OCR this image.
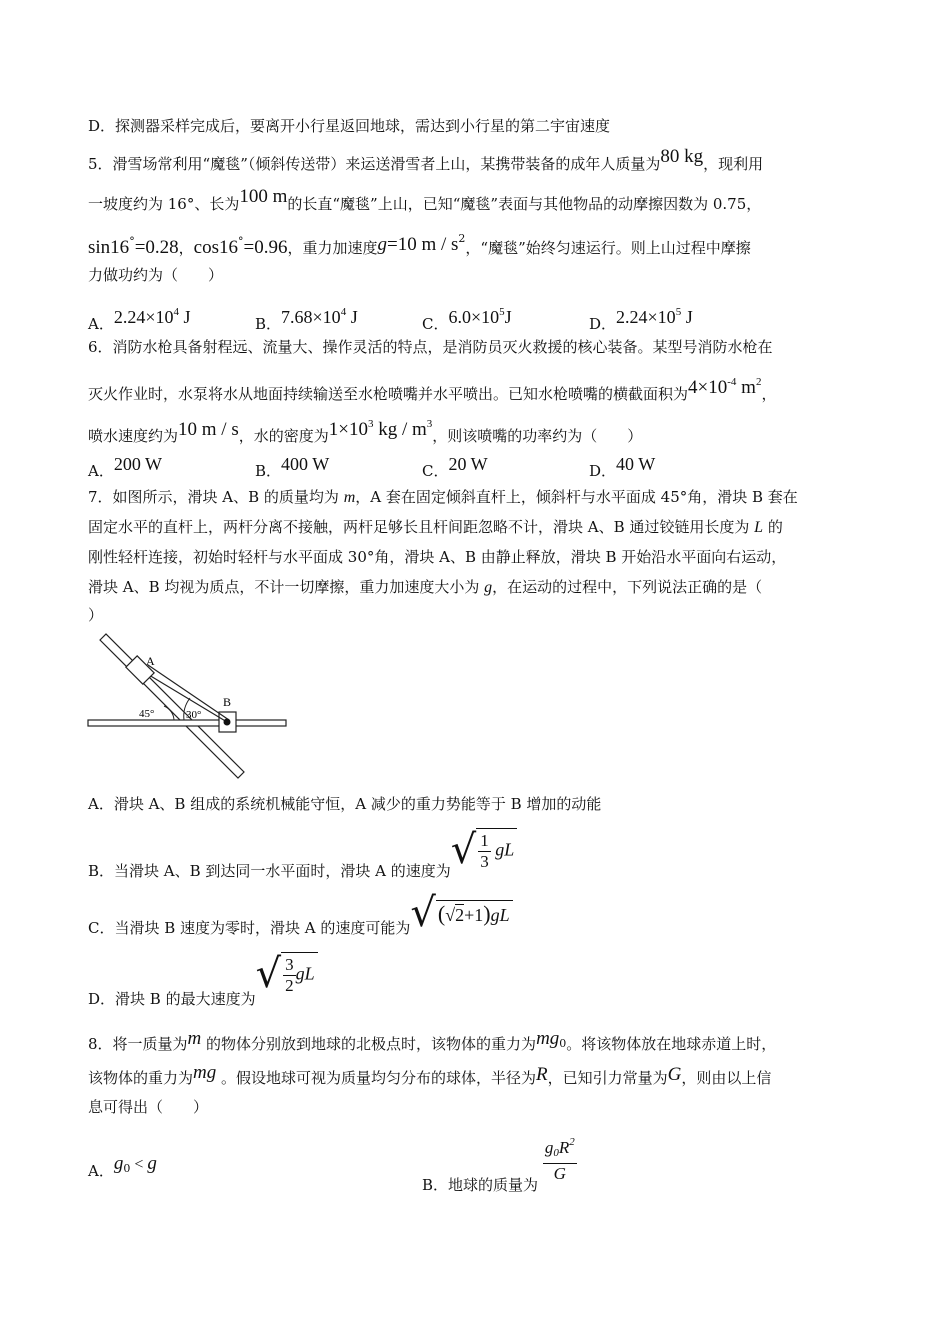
D．探测器采样完成后，要离开小行星返回地球，需达到小行星的第二宇宙速度
5．滑雪场常利用“魔毯”（倾斜传送带）来运送滑雪者上山，某携带装备的成年人质量为80 kg，现利用
一坡度约为 16°、长为100 m的长直“魔毯”上山，已知“魔毯”表面与其他物品的动摩擦因数为 0.75，
sin16°=0.28，cos16°=0.96，重力加速度g=10 m / $s^2$，“魔毯”始终匀速运行。则上山过程中摩擦
力做功约为（　　）
A．$2.24\times 10^4$ J	B．$7.68\times 10^4$ J	C．$6.0\times 10^5J$	D．$2.24\times 10^5$ J
6．消防水枪具备射程远、流量大、操作灵活的特点，是消防员灭火救援的核心装备。某型号消防水枪在
灭火作业时，水泵将水从地面持续输送至水枪喷嘴并水平喷出。已知水枪喷嘴的横截面积为$4\times 10^{-4}$ $m^2$，
喷水速度约为10 m / s，水的密度为$1\times 10^3$ kg / $m^3$，则该喷嘴的功率约为（　　）
A．200 W	B．400 W	C．20 W	D．40 W
7．如图所示，滑块 A、B 的质量均为 m，A 套在固定倾斜直杆上，倾斜杆与水平面成 45°角，滑块 B 套在
固定水平的直杆上，两杆分离不接触，两杆足够长且杆间距忽略不计，滑块 A、B 通过铰链用长度为 L 的
刚性轻杆连接，初始时轻杆与水平面成 30°角，滑块 A、B 由静止释放，滑块 B 开始沿水平面向右运动，
滑块 A、B 均视为质点，不计一切摩擦，重力加速度大小为 g，在运动的过程中，下列说法正确的是（
）
A
B
45°	30°
A．滑块 A、B 组成的系统机械能守恒，A 减少的重力势能等于 B 增加的动能
B．当滑块 A、B 到达同一水平面时，滑块 A 的速度为√ $\frac{1}{3}$ gL
C．当滑块 B 速度为零时，滑块 A 的速度可能为√(√2+1)gL
D．滑块 B 的最大速度为√ $\frac{3}{2}$ gL
8．将一质量为m 的物体分别放到地球的北极点时，该物体的重力为$mg_0$。将该物体放在地球赤道上时，
该物体的重力为mg 。假设地球可视为质量均匀分布的球体，半径为R，已知引力常量为G，则由以上信
息可得出（　　）
A．$g_0 < g$
B．地球的质量为
$\frac{g_0R^2}{G}$
